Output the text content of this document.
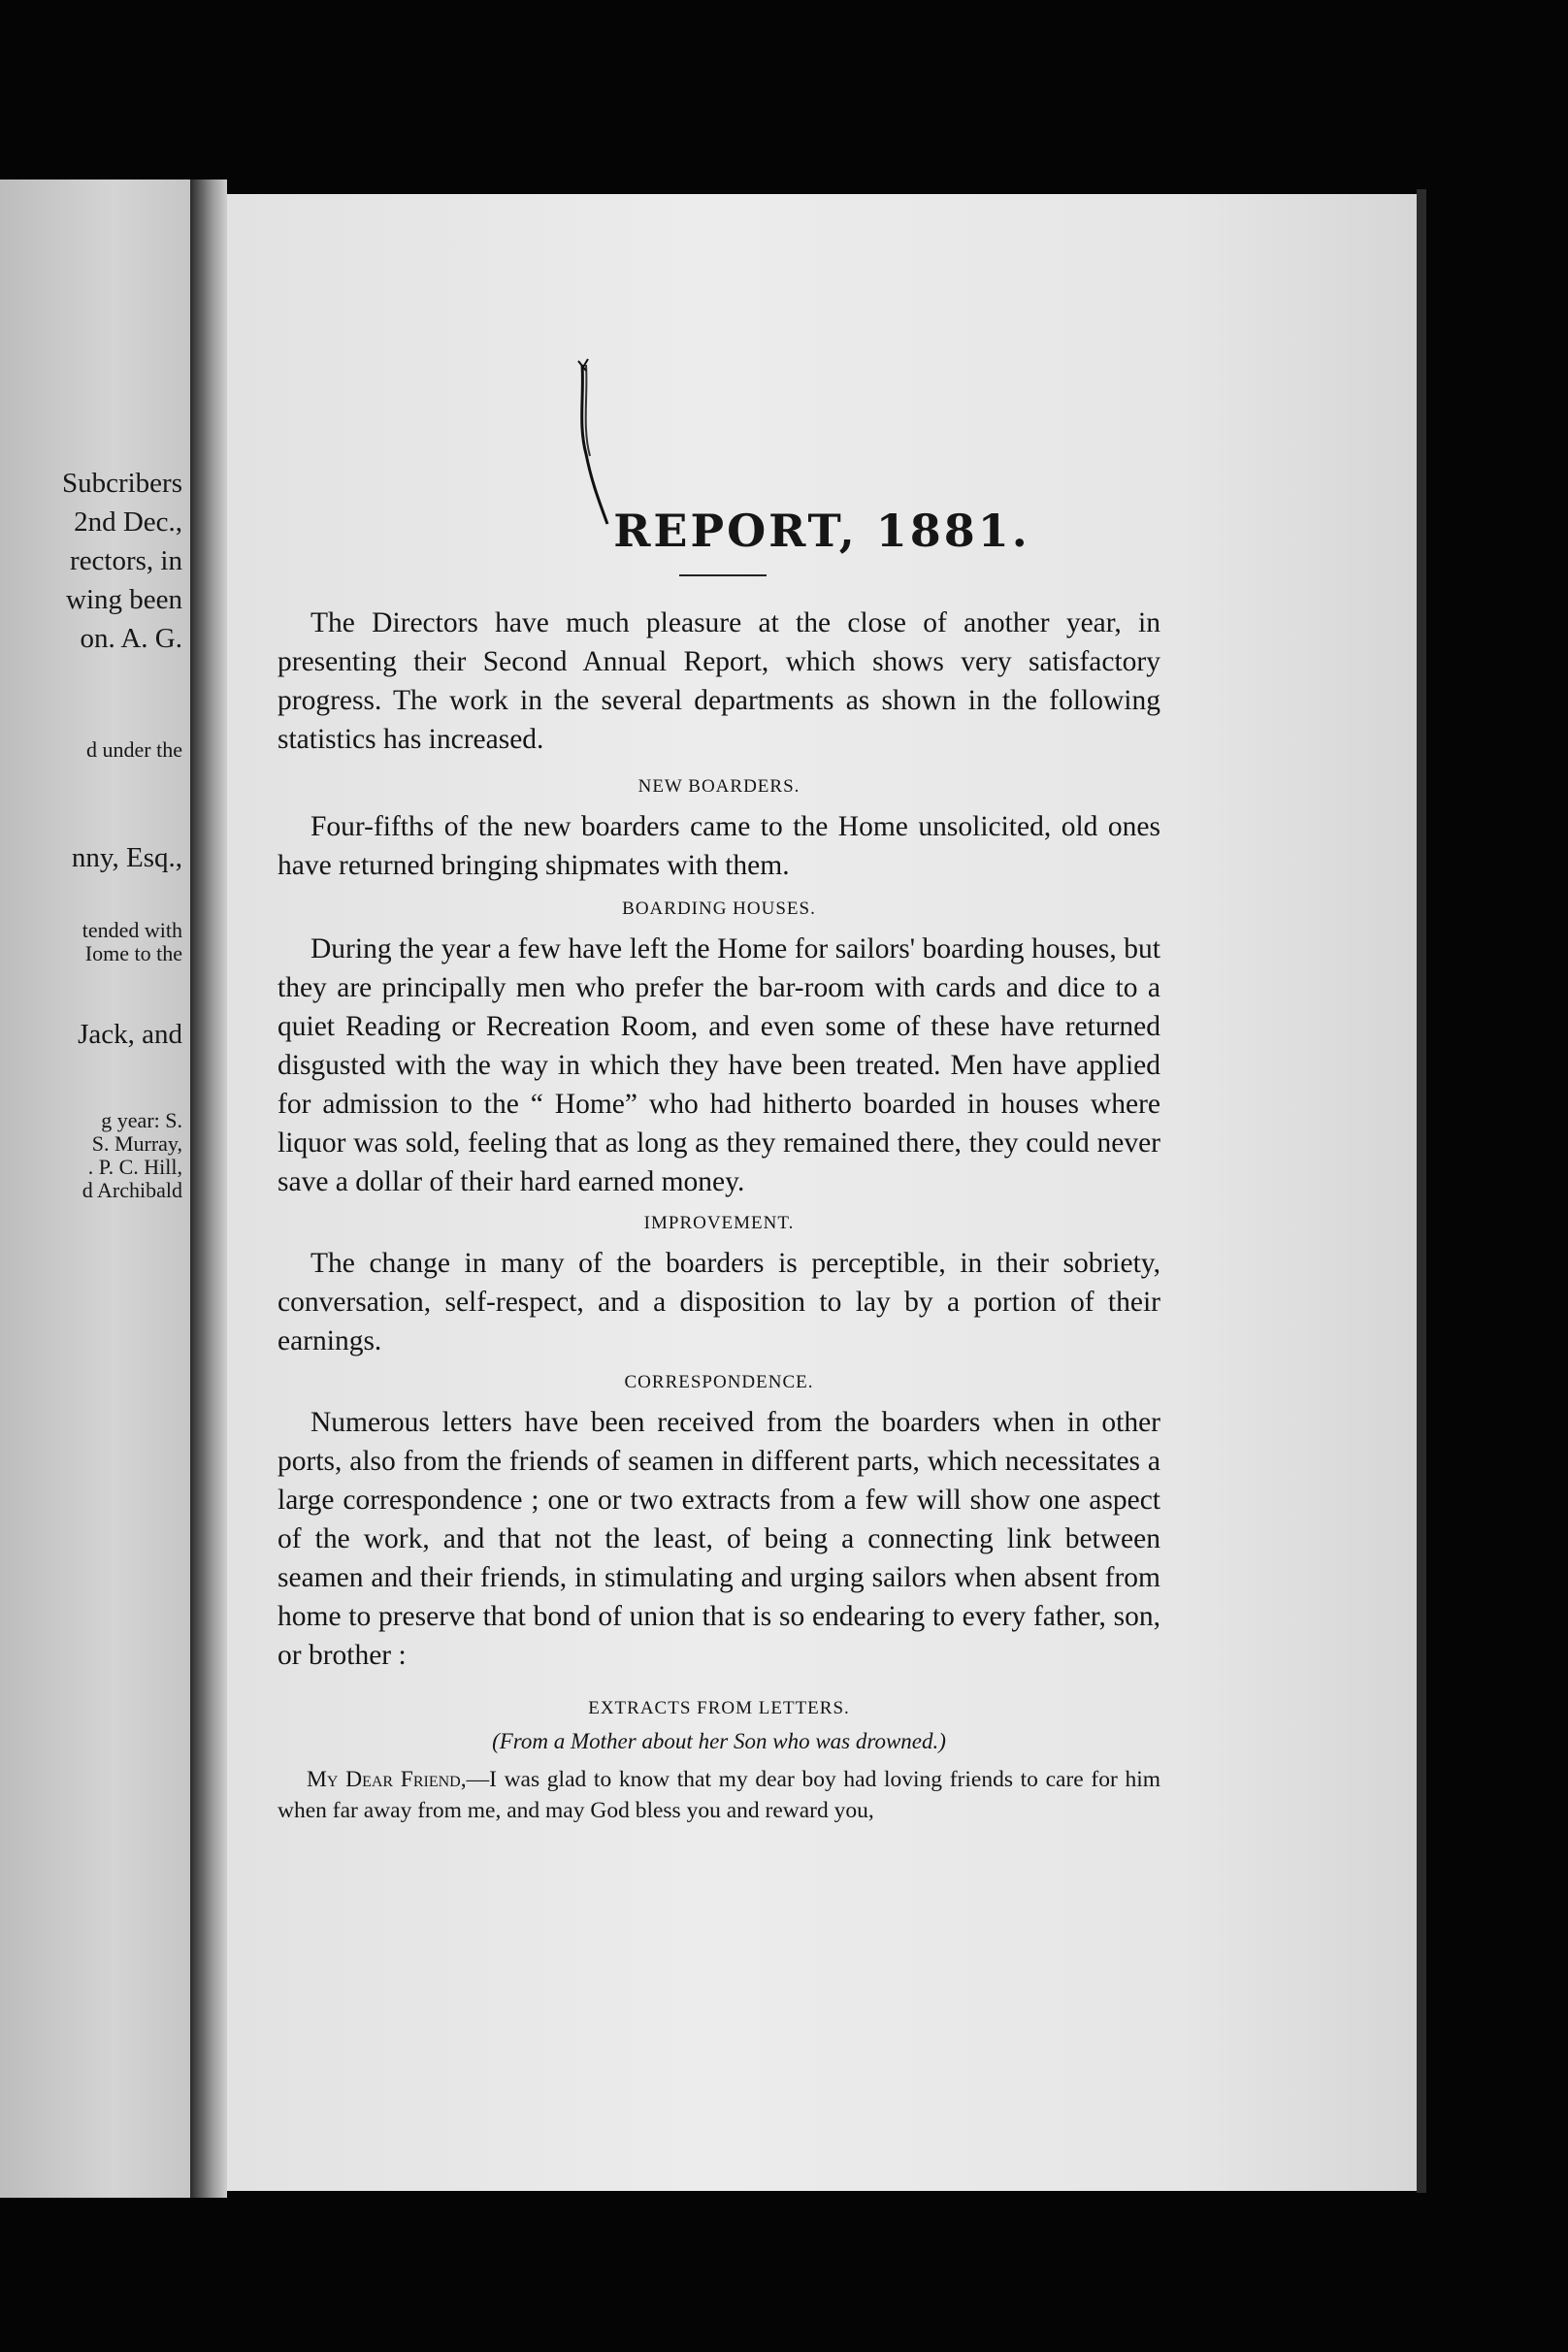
Subcribers
2nd Dec.,
rectors, in
wing been
on. A. G.
d under the
nny, Esq.,
tended with
Iome to the
Jack, and
g year: S.
S. Murray,
. P. C. Hill,
d Archibald
REPORT, 1881.

The Directors have much pleasure at the close of another year, in presenting their Second Annual Report, which shows very satisfactory progress. The work in the several departments as shown in the following statistics has increased.

NEW BOARDERS.

Four-fifths of the new boarders came to the Home unsolicited, old ones have returned bringing shipmates with them.

BOARDING HOUSES.

During the year a few have left the Home for sailors' boarding houses, but they are principally men who prefer the bar-room with cards and dice to a quiet Reading or Recreation Room, and even some of these have returned disgusted with the way in which they have been treated. Men have applied for admission to the “ Home” who had hitherto boarded in houses where liquor was sold, feeling that as long as they remained there, they could never save a dollar of their hard earned money.

IMPROVEMENT.

The change in many of the boarders is perceptible, in their sobriety, conversation, self-respect, and a disposition to lay by a portion of their earnings.

CORRESPONDENCE.

Numerous letters have been received from the boarders when in other ports, also from the friends of seamen in different parts, which necessitates a large correspondence ; one or two extracts from a few will show one aspect of the work, and that not the least, of being a connecting link between seamen and their friends, in stimulating and urging sailors when absent from home to preserve that bond of union that is so endearing to every father, son, or brother :

EXTRACTS FROM LETTERS.

(From a Mother about her Son who was drowned.)

My Dear Friend,—I was glad to know that my dear boy had loving friends to care for him when far away from me, and may God bless you and reward you,
